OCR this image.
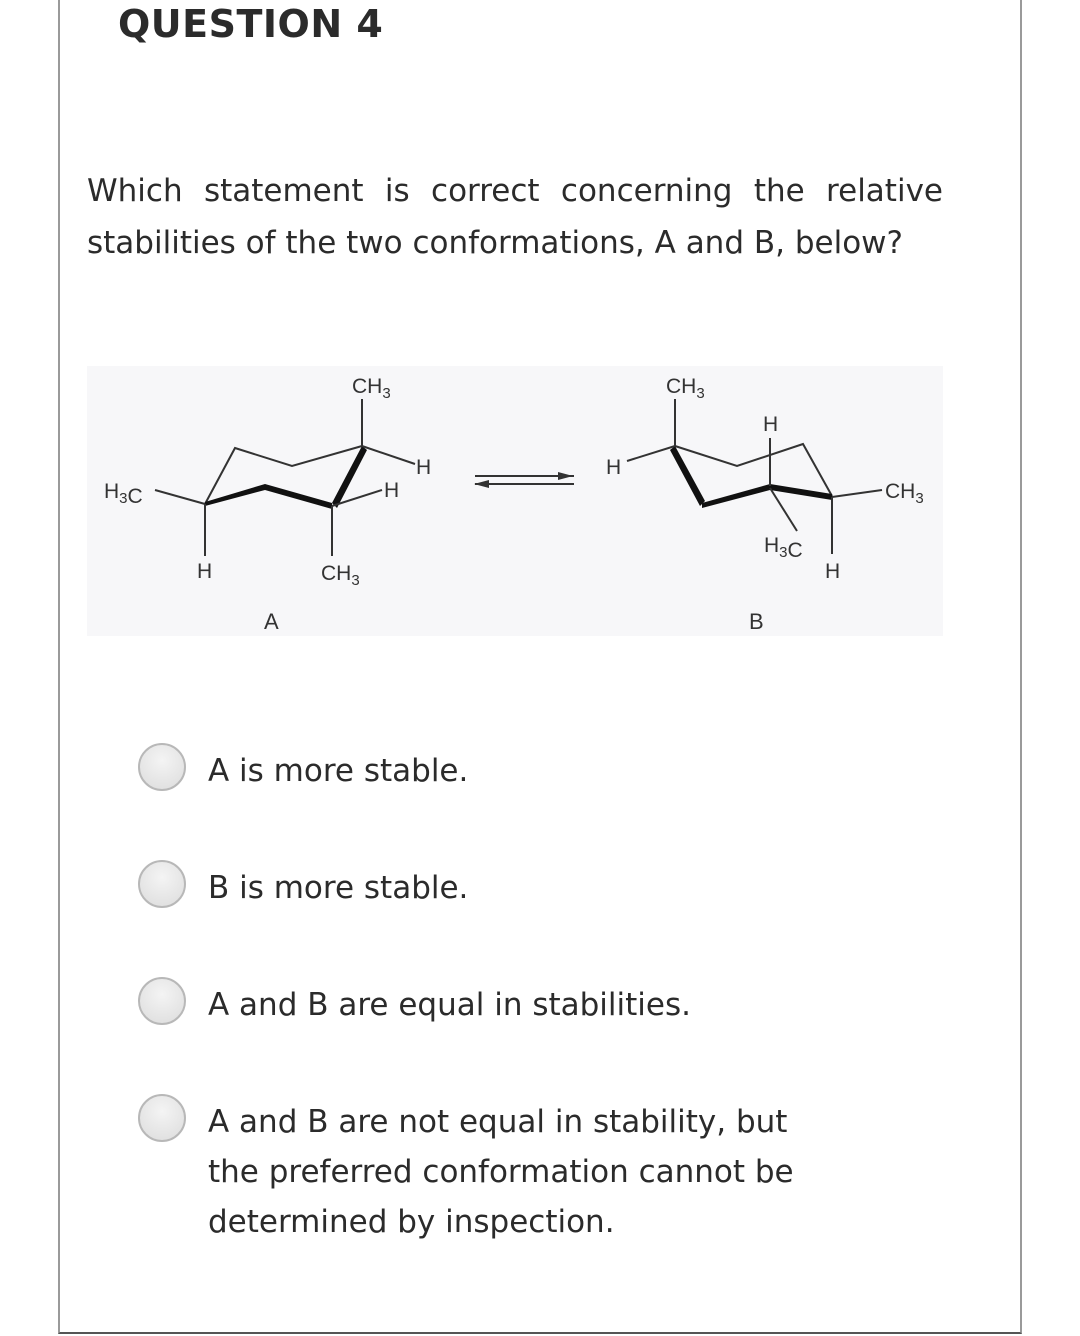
QUESTION 4
Which statement is correct concerning the relative stabilities of the two conformations, A and B, below?
$CH_3$
$H_3C$
H
H
H	$CH_3$
A
$CH_3$
H
H
$CH_3$
$H_3C$
H
B
A is more stable.
B is more stable.
A and B are equal in stabilities.
A and B are not equal in stability, but the preferred conformation cannot be determined by inspection.
